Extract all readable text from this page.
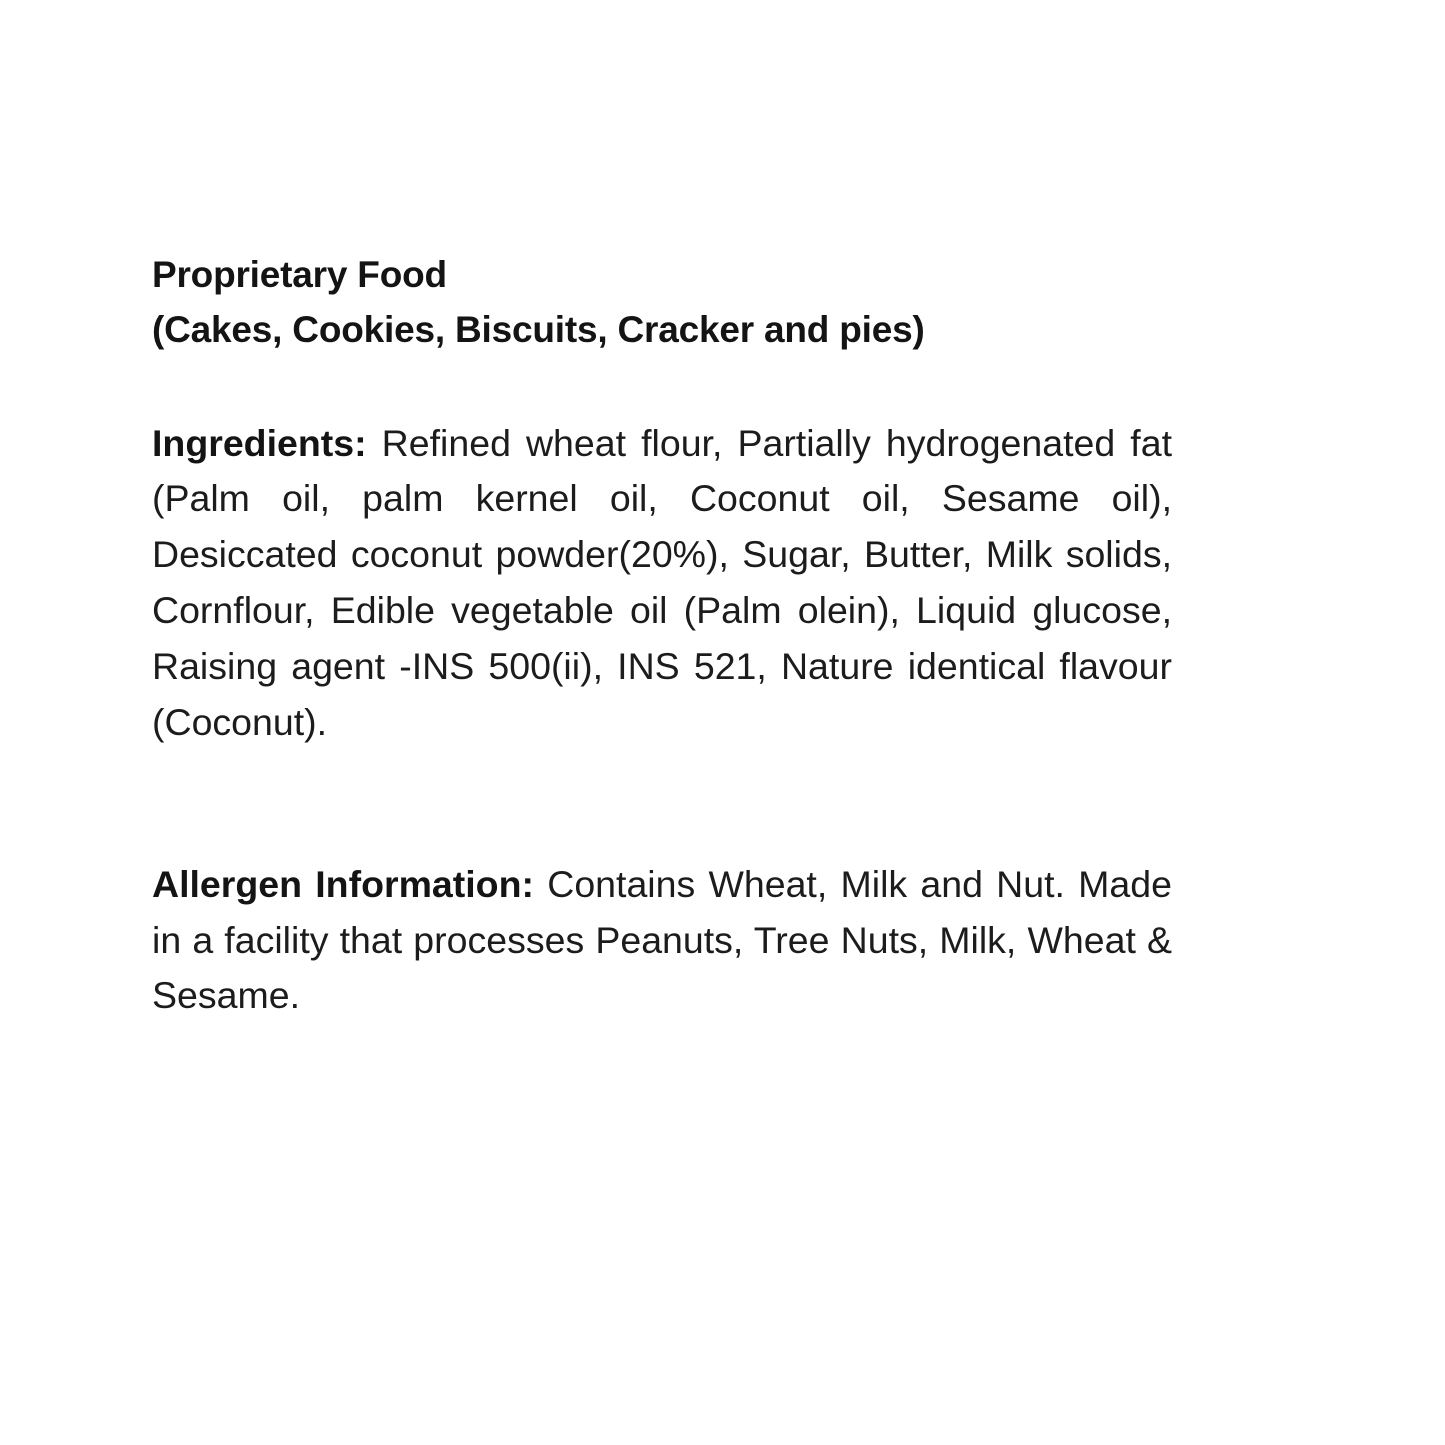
Proprietary Food
(Cakes, Cookies, Biscuits, Cracker and pies)

Ingredients: Refined wheat flour, Partially hydrogenated fat (Palm oil, palm kernel oil, Coconut oil, Sesame oil), Desiccated coconut powder(20%), Sugar, Butter, Milk solids, Cornflour, Edible vegetable oil (Palm olein), Liquid glucose, Raising agent -INS 500(ii), INS 521, Nature identical flavour (Coconut).

Allergen Information: Contains Wheat, Milk and Nut. Made in a facility that processes Peanuts, Tree Nuts, Milk, Wheat & Sesame.
